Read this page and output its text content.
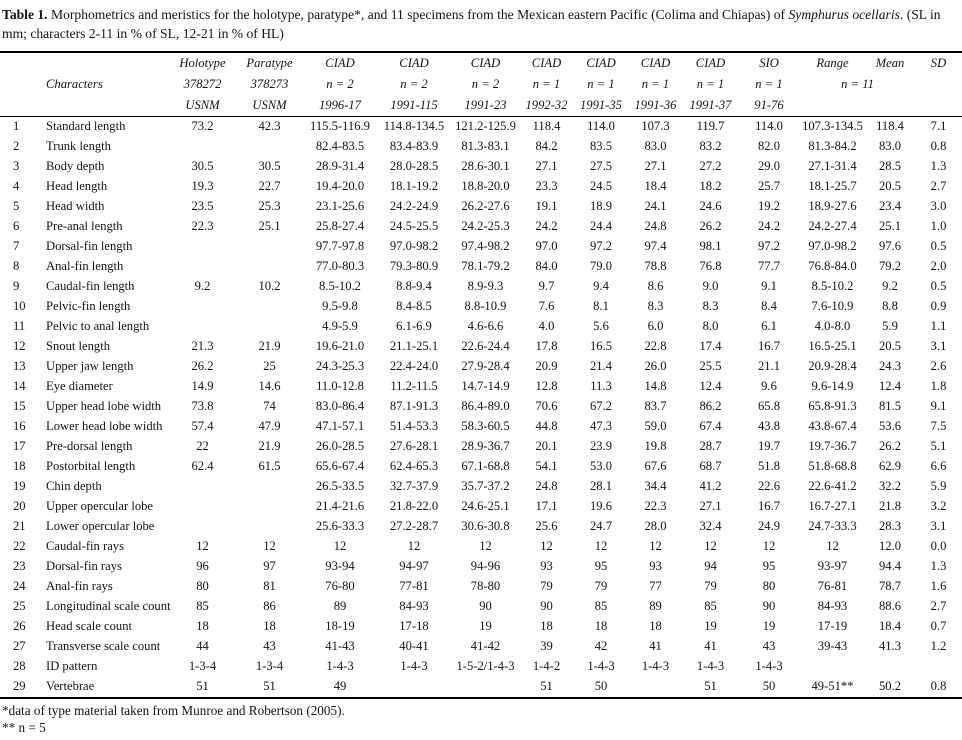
Table 1. Morphometrics and meristics for the holotype, paratype*, and 11 specimens from the Mexican eastern Pacific (Colima and Chiapas) of Symphurus ocellaris. (SL in mm; characters 2-11 in % of SL, 12-21 in % of HL)

		Holotype	Paratype	CIAD	CIAD	CIAD	CIAD	CIAD	CIAD	CIAD	SIO	Range	Mean	SD
	Characters	378272	378273	n = 2	n = 2	n = 2	n = 1	n = 1	n = 1	n = 1	n = 1	n = 11		
		USNM	USNM	1996-17	1991-115	1991-23	1992-32	1991-35	1991-36	1991-37	91-76			
1	Standard length	73.2	42.3	115.5-116.9	114.8-134.5	121.2-125.9	118.4	114.0	107.3	119.7	114.0	107.3-134.5	118.4	7.1
2	Trunk length			82.4-83.5	83.4-83.9	81.3-83.1	84.2	83.5	83.0	83.2	82.0	81.3-84.2	83.0	0.8
3	Body depth	30.5	30.5	28.9-31.4	28.0-28.5	28.6-30.1	27.1	27.5	27.1	27.2	29.0	27.1-31.4	28.5	1.3
4	Head length	19.3	22.7	19.4-20.0	18.1-19.2	18.8-20.0	23.3	24.5	18.4	18.2	25.7	18.1-25.7	20.5	2.7
5	Head width	23.5	25.3	23.1-25.6	24.2-24.9	26.2-27.6	19.1	18.9	24.1	24.6	19.2	18.9-27.6	23.4	3.0
6	Pre-anal length	22.3	25.1	25.8-27.4	24.5-25.5	24.2-25.3	24.2	24.4	24.8	26.2	24.2	24.2-27.4	25.1	1.0
7	Dorsal-fin length			97.7-97.8	97.0-98.2	97.4-98.2	97.0	97.2	97.4	98.1	97.2	97.0-98.2	97.6	0.5
8	Anal-fin length			77.0-80.3	79.3-80.9	78.1-79.2	84.0	79.0	78.8	76.8	77.7	76.8-84.0	79.2	2.0
9	Caudal-fin length	9.2	10.2	8.5-10.2	8.8-9.4	8.9-9.3	9.7	9.4	8.6	9.0	9.1	8.5-10.2	9.2	0.5
10	Pelvic-fin length			9.5-9.8	8.4-8.5	8.8-10.9	7.6	8.1	8.3	8.3	8.4	7.6-10.9	8.8	0.9
11	Pelvic to anal length			4.9-5.9	6.1-6.9	4.6-6.6	4.0	5.6	6.0	8.0	6.1	4.0-8.0	5.9	1.1
12	Snout length	21.3	21.9	19.6-21.0	21.1-25.1	22.6-24.4	17.8	16.5	22.8	17.4	16.7	16.5-25.1	20.5	3.1
13	Upper jaw length	26.2	25	24.3-25.3	22.4-24.0	27.9-28.4	20.9	21.4	26.0	25.5	21.1	20.9-28.4	24.3	2.6
14	Eye diameter	14.9	14.6	11.0-12.8	11.2-11.5	14.7-14.9	12.8	11.3	14.8	12.4	9.6	9.6-14.9	12.4	1.8
15	Upper head lobe width	73.8	74	83.0-86.4	87.1-91.3	86.4-89.0	70.6	67.2	83.7	86.2	65.8	65.8-91.3	81.5	9.1
16	Lower head lobe width	57.4	47.9	47.1-57.1	51.4-53.3	58.3-60.5	44.8	47.3	59.0	67.4	43.8	43.8-67.4	53.6	7.5
17	Pre-dorsal length	22	21.9	26.0-28.5	27.6-28.1	28.9-36.7	20.1	23.9	19.8	28.7	19.7	19.7-36.7	26.2	5.1
18	Postorbital length	62.4	61.5	65.6-67.4	62.4-65.3	67.1-68.8	54.1	53.0	67.6	68.7	51.8	51.8-68.8	62.9	6.6
19	Chin depth			26.5-33.5	32.7-37.9	35.7-37.2	24.8	28.1	34.4	41.2	22.6	22.6-41.2	32.2	5.9
20	Upper opercular lobe			21.4-21.6	21.8-22.0	24.6-25.1	17.1	19.6	22.3	27.1	16.7	16.7-27.1	21.8	3.2
21	Lower opercular lobe			25.6-33.3	27.2-28.7	30.6-30.8	25.6	24.7	28.0	32.4	24.9	24.7-33.3	28.3	3.1
22	Caudal-fin rays	12	12	12	12	12	12	12	12	12	12	12	12.0	0.0
23	Dorsal-fin rays	96	97	93-94	94-97	94-96	93	95	93	94	95	93-97	94.4	1.3
24	Anal-fin rays	80	81	76-80	77-81	78-80	79	79	77	79	80	76-81	78.7	1.6
25	Longitudinal scale count	85	86	89	84-93	90	90	85	89	85	90	84-93	88.6	2.7
26	Head scale count	18	18	18-19	17-18	19	18	18	18	19	19	17-19	18.4	0.7
27	Transverse scale count	44	43	41-43	40-41	41-42	39	42	41	41	43	39-43	41.3	1.2
28	ID pattern	1-3-4	1-3-4	1-4-3	1-4-3	1-5-2/1-4-3	1-4-2	1-4-3	1-4-3	1-4-3	1-4-3			
29	Vertebrae	51	51	49			51	50		51	50	49-51**	50.2	0.8

*data of type material taken from Munroe and Robertson (2005).

** n = 5
